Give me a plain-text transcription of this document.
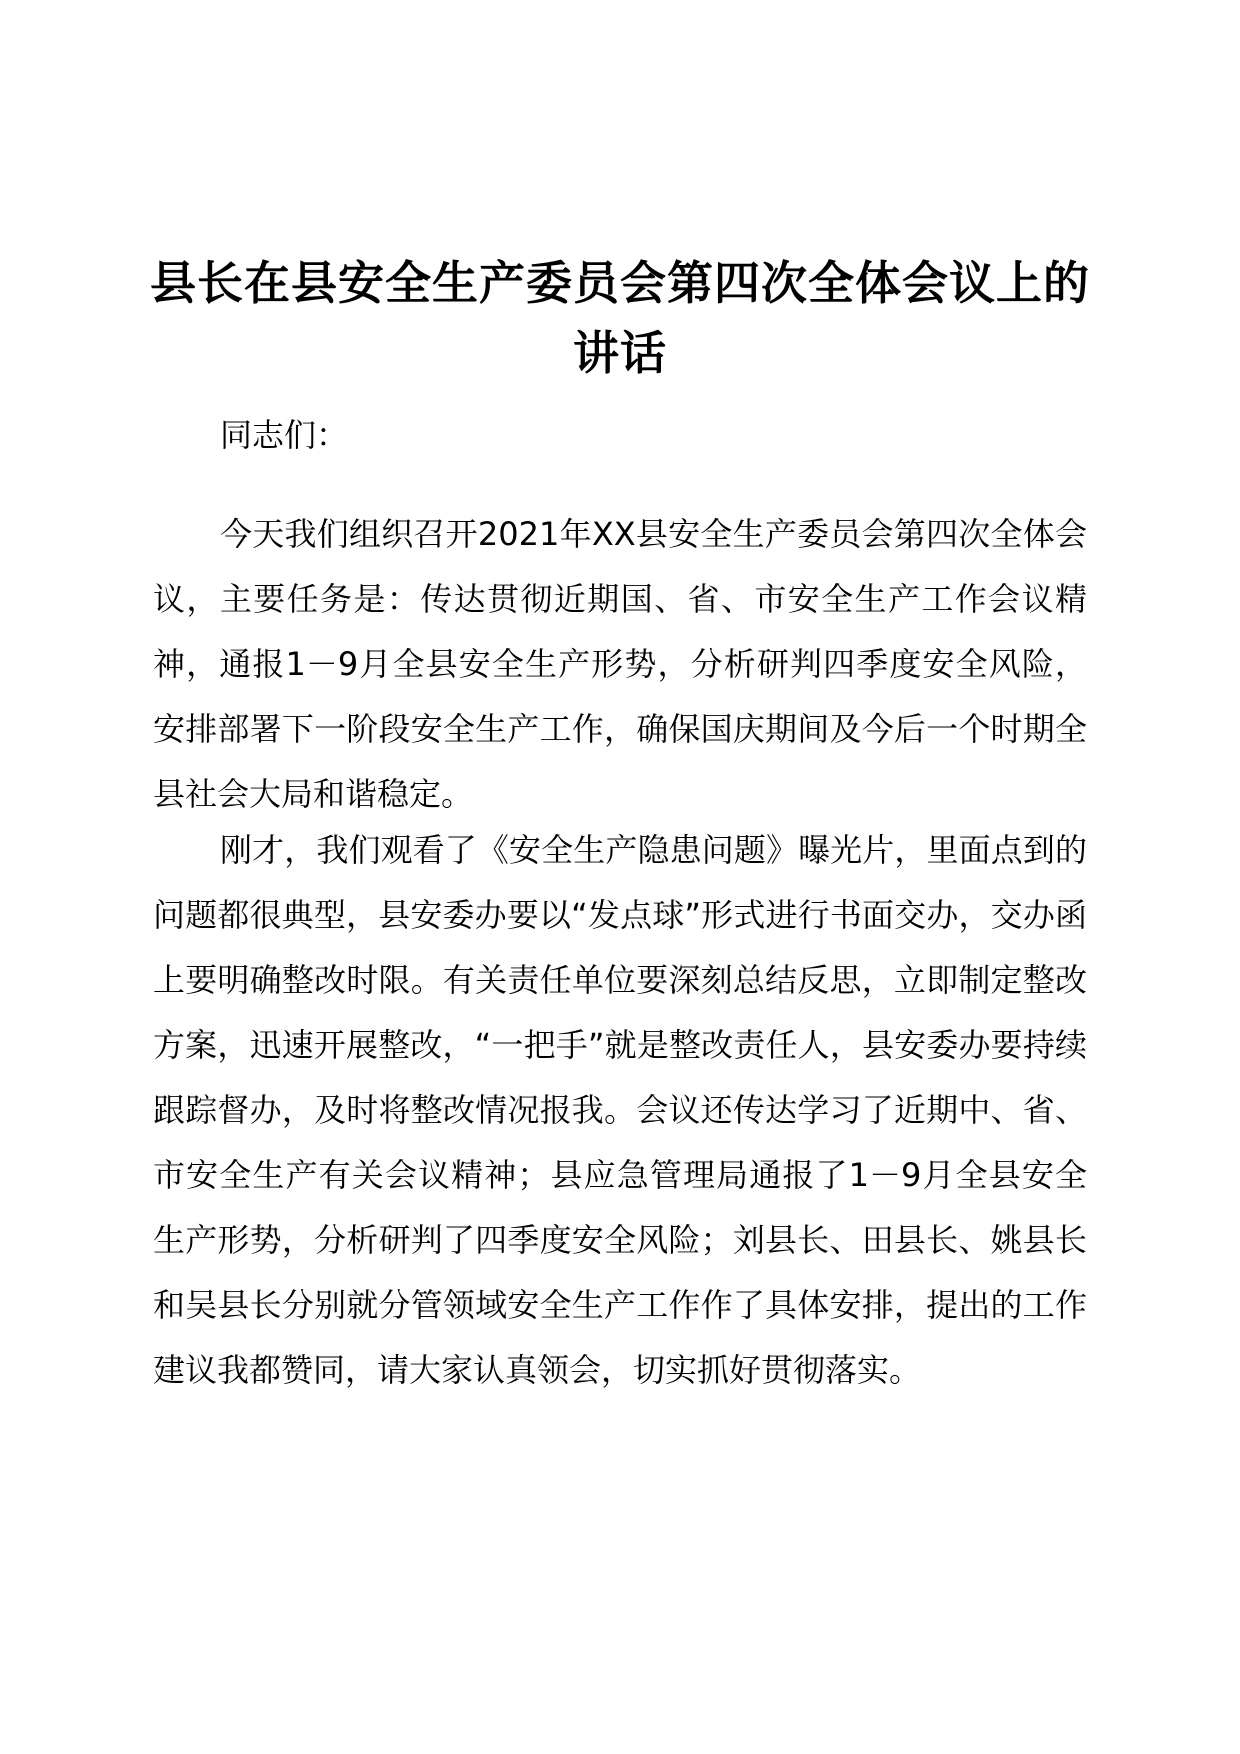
县长在县安全生产委员会第四次全体会议上的讲话

同志们：

今天我们组织召开2021年XX县安全生产委员会第四次全体会议，主要任务是：传达贯彻近期国、省、市安全生产工作会议精神，通报1－9月全县安全生产形势，分析研判四季度安全风险，安排部署下一阶段安全生产工作，确保国庆期间及今后一个时期全县社会大局和谐稳定。

刚才，我们观看了《安全生产隐患问题》曝光片，里面点到的问题都很典型，县安委办要以“发点球”形式进行书面交办，交办函上要明确整改时限。有关责任单位要深刻总结反思，立即制定整改方案，迅速开展整改，“一把手”就是整改责任人，县安委办要持续跟踪督办，及时将整改情况报我。会议还传达学习了近期中、省、市安全生产有关会议精神；县应急管理局通报了1－9月全县安全生产形势，分析研判了四季度安全风险；刘县长、田县长、姚县长和吴县长分别就分管领域安全生产工作作了具体安排，提出的工作建议我都赞同，请大家认真领会，切实抓好贯彻落实。
